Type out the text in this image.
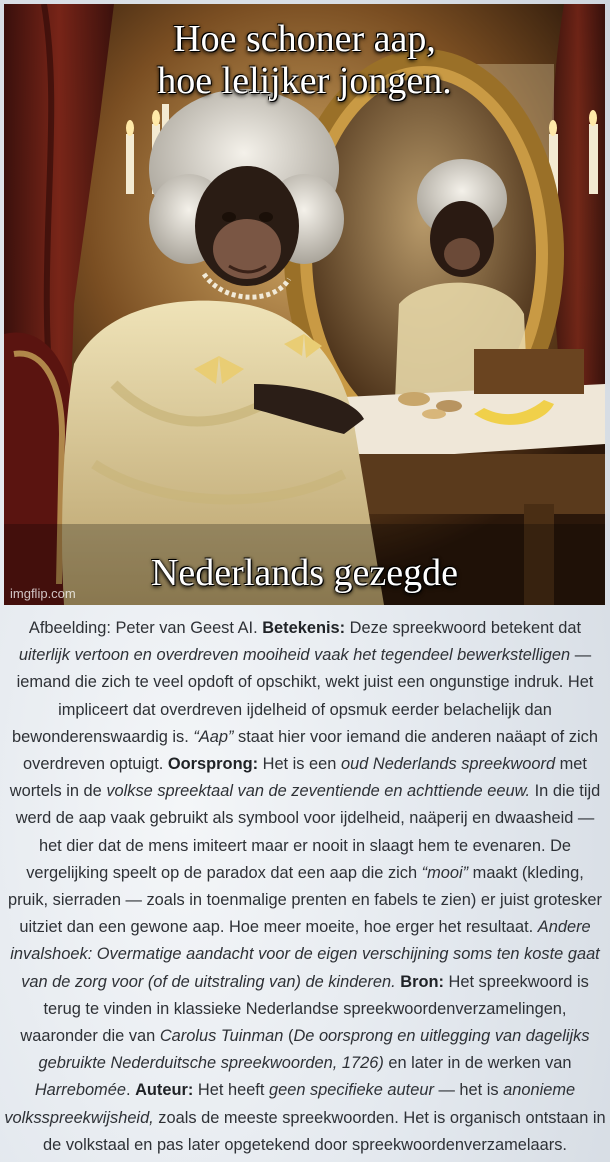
Hoe schoner aap,
hoe lelijker jongen.
Nederlands gezegde
imgflip.com
Afbeelding: Peter van Geest AI. Betekenis: Deze spreekwoord betekent dat uiterlijk vertoon en overdreven mooiheid vaak het tegendeel bewerkstelligen — iemand die zich te veel opdoft of opschikt, wekt juist een ongunstige indruk. Het impliceert dat overdreven ijdelheid of opsmuk eerder belachelijk dan bewonderenswaardig is. “Aap” staat hier voor iemand die anderen naäapt of zich overdreven optuigt. Oorsprong: Het is een oud Nederlands spreekwoord met wortels in de volkse spreektaal van de zeventiende en achttiende eeuw. In die tijd werd de aap vaak gebruikt als symbool voor ijdelheid, naäperij en dwaasheid — het dier dat de mens imiteert maar er nooit in slaagt hem te evenaren. De vergelijking speelt op de paradox dat een aap die zich “mooi” maakt (kleding, pruik, sierraden — zoals in toenmalige prenten en fabels te zien) er juist grotesker uitziet dan een gewone aap. Hoe meer moeite, hoe erger het resultaat. Andere invalshoek: Overmatige aandacht voor de eigen verschijning soms ten koste gaat van de zorg voor (of de uitstraling van) de kinderen. Bron: Het spreekwoord is terug te vinden in klassieke Nederlandse spreekwoordenverzamelingen, waaronder die van Carolus Tuinman (De oorsprong en uitlegging van dagelijks gebruikte Nederduitsche spreekwoorden, 1726) en later in de werken van Harrebomée. Auteur: Het heeft geen specifieke auteur — het is anonieme volksspreekwijsheid, zoals de meeste spreekwoorden. Het is organisch ontstaan in de volkstaal en pas later opgetekend door spreekwoordenverzamelaars.
